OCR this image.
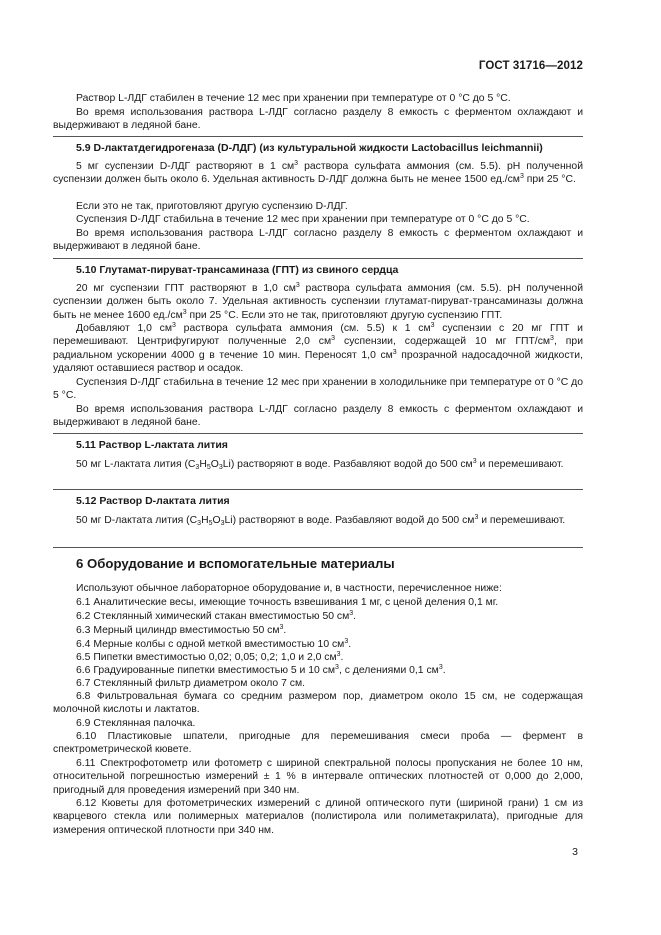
ГОСТ 31716—2012
Раствор L-ЛДГ стабилен в течение 12 мес при хранении при температуре от 0 °С до 5 °С.
Во время использования раствора L-ЛДГ согласно разделу 8 емкость с ферментом охлаждают и выдерживают в ледяной бане.
5.9 D-лактатдегидрогеназа (D-ЛДГ) (из культуральной жидкости Lactobacillus leichmannii)
5 мг суспензии D-ЛДГ растворяют в 1 $см^3$ раствора сульфата аммония (см. 5.5). pH полученной суспензии должен быть около 6. Удельная активность D-ЛДГ должна быть не менее 1500 $ед./см^3$ при 25 °С.
Если это не так, приготовляют другую суспензию D-ЛДГ.
Суспензия D-ЛДГ стабильна в течение 12 мес при хранении при температуре от 0 °С до 5 °С.
Во время использования раствора L-ЛДГ согласно разделу 8 емкость с ферментом охлаждают и выдерживают в ледяной бане.
5.10 Глутамат-пируват-трансаминаза (ГПТ) из свиного сердца
20 мг суспензии ГПТ растворяют в 1,0 $см^3$ раствора сульфата аммония (см. 5.5). pH полученной суспензии должен быть около 7. Удельная активность суспензии глутамат-пируват-трансаминазы должна быть не менее 1600 $ед./см^3$ при 25 °С. Если это не так, приготовляют другую суспензию ГПТ.
Добавляют 1,0 $см^3$ раствора сульфата аммония (см. 5.5) к 1 $см^3$ суспензии с 20 мг ГПТ и перемешивают. Центрифугируют полученные 2,0 $см^3$ суспензии, содержащей 10 мг ГПТ/$см^3$, при радиальном ускорении 4000 g в течение 10 мин. Переносят 1,0 $см^3$ прозрачной надосадочной жидкости, удаляют оставшиеся раствор и осадок.
Суспензия D-ЛДГ стабильна в течение 12 мес при хранении в холодильнике при температуре от 0 °С до 5 °С.
Во время использования раствора L-ЛДГ согласно разделу 8 емкость с ферментом охлаждают и выдерживают в ледяной бане.
5.11 Раствор L-лактата лития
50 мг L-лактата лития $(C_3H_5O_3Li)$ растворяют в воде. Разбавляют водой до 500 $см^3$ и перемешивают.
5.12 Раствор D-лактата лития
50 мг D-лактата лития $(C_3H_5O_3Li)$ растворяют в воде. Разбавляют водой до 500 $см^3$ и перемешивают.
6 Оборудование и вспомогательные материалы
Используют обычное лабораторное оборудование и, в частности, перечисленное ниже:
6.1 Аналитические весы, имеющие точность взвешивания 1 мг, с ценой деления 0,1 мг.
6.2 Стеклянный химический стакан вместимостью 50 $см^3$.
6.3 Мерный цилиндр вместимостью 50 $см^3$.
6.4 Мерные колбы с одной меткой вместимостью 10 $см^3$.
6.5 Пипетки вместимостью 0,02; 0,05; 0,2; 1,0 и 2,0 $см^3$.
6.6 Градуированные пипетки вместимостью 5 и 10 $см^3$, с делениями 0,1 $см^3$.
6.7 Стеклянный фильтр диаметром около 7 см.
6.8 Фильтровальная бумага со средним размером пор, диаметром около 15 см, не содержащая молочной кислоты и лактатов.
6.9 Стеклянная палочка.
6.10 Пластиковые шпатели, пригодные для перемешивания смеси проба — фермент в спектрометрической кювете.
6.11 Спектрофотометр или фотометр с шириной спектральной полосы пропускания не более 10 нм, относительной погрешностью измерений ± 1 % в интервале оптических плотностей от 0,000 до 2,000, пригодный для проведения измерений при 340 нм.
6.12 Кюветы для фотометрических измерений с длиной оптического пути (шириной грани) 1 см из кварцевого стекла или полимерных материалов (полистирола или полиметакрилата), пригодные для измерения оптической плотности при 340 нм.
3
